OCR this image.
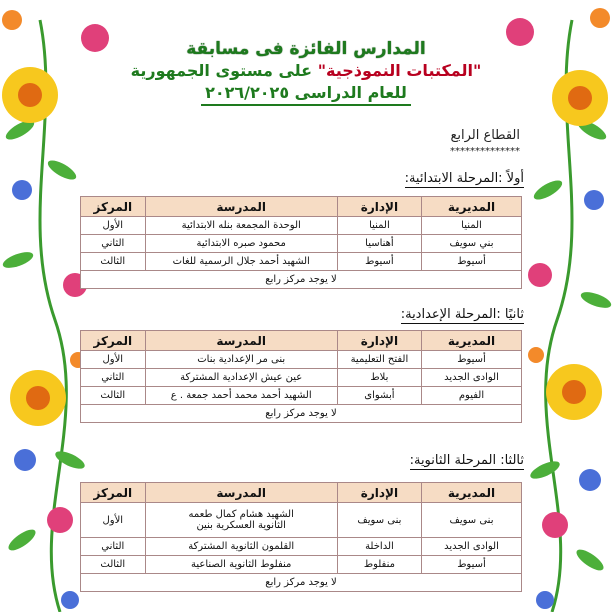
المدارس الفائزة فى مسابقة
"المكتبات النموذجية" على مستوى الجمهورية
للعام الدراسى ٢٠٢٦/٢٠٢٥
القطاع الرابع
**************
أولاً :المرحلة الابتدائية:
المديرية	الإدارة	المدرسة	المركز
المنيا	المنيا	الوحدة المجمعة بنله الابتدائية	الأول
بني سويف	أهناسيا	محمود صبره الابتدائية	الثاني
أسيوط	أسيوط	الشهيد أحمد جلال الرسمية للغات	الثالث
لا يوجد مركز رابع			
ثانيًا :المرحلة الإعدادية:
المديرية	الإدارة	المدرسة	المركز
أسيوط	الفتح التعليمية	بنى مر الإعدادية بنات	الأول
الوادى الجديد	بلاط	عين عيش الإعدادية المشتركة	الثاني
الفيوم	أبشواى	الشهيد أحمد محمد أحمد جمعة . ع	الثالث
لا يوجد مركز رابع			
ثالثا: المرحلة الثانوية:
المديرية	الإدارة	المدرسة	المركز
بنى سويف	بنى سويف	الشهيد هشام كمال طعمه
الثانوية العسكرية بنين	الأول
الوادى الجديد	الداخلة	القلمون الثانوية المشتركة	الثاني
أسيوط	منفلوط	منفلوط الثانوية الصناعية	الثالث
لا يوجد مركز رابع			
